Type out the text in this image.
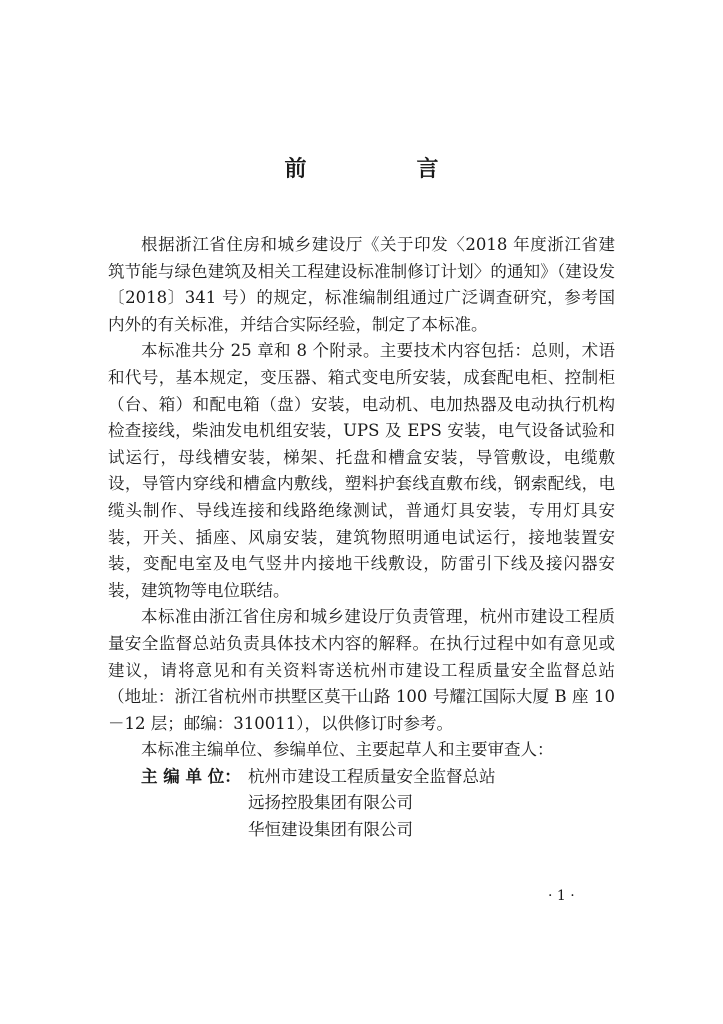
前　言

根据浙江省住房和城乡建设厅《关于印发〈2018 年度浙江省建筑节能与绿色建筑及相关工程建设标准制修订计划〉的通知》（建设发〔2018〕341 号）的规定，标准编制组通过广泛调查研究，参考国内外的有关标准，并结合实际经验，制定了本标准。

本标准共分 25 章和 8 个附录。主要技术内容包括：总则，术语和代号，基本规定，变压器、箱式变电所安装，成套配电柜、控制柜（台、箱）和配电箱（盘）安装，电动机、电加热器及电动执行机构检查接线，柴油发电机组安装，UPS 及 EPS 安装，电气设备试验和试运行，母线槽安装，梯架、托盘和槽盒安装，导管敷设，电缆敷设，导管内穿线和槽盒内敷线，塑料护套线直敷布线，钢索配线，电缆头制作、导线连接和线路绝缘测试，普通灯具安装，专用灯具安装，开关、插座、风扇安装，建筑物照明通电试运行，接地装置安装，变配电室及电气竖井内接地干线敷设，防雷引下线及接闪器安装，建筑物等电位联结。

本标准由浙江省住房和城乡建设厅负责管理，杭州市建设工程质量安全监督总站负责具体技术内容的解释。在执行过程中如有意见或建议，请将意见和有关资料寄送杭州市建设工程质量安全监督总站（地址：浙江省杭州市拱墅区莫干山路 100 号耀江国际大厦 B 座 10－12 层；邮编：310011），以供修订时参考。

本标准主编单位、参编单位、主要起草人和主要审查人：

主 编 单 位： 杭州市建设工程质量安全监督总站
远扬控股集团有限公司
华恒建设集团有限公司
· 1 ·
